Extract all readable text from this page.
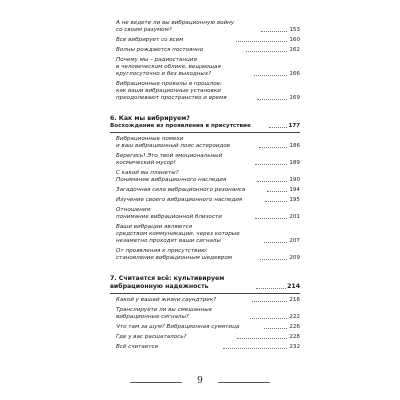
А не ведете ли вы вибрационную войну
со своим разумом?	153
Все вибрирует со всем	160
Волны рождаются постоянно	162
Почему мы – радиостанция
в человеческом облике, вещающая
круглосуточно и без выходных?	166
Вибрационные провалы в прошлое:
как ваши вибрационные установки
преодолевают пространство и время	169
6. Как мы вибрируем?
Восхождение из проявления в присутствие	177
Вибрационные помехи
и ваш вибрационный пояс астероидов	186
Берегись! Это твой эмоциональный
космический мусор!	189
С какой вы планеты?
Понимание вибрационного наследия	190
Загадочная сила вибрационного резонанса	194
Изучение своего вибрационного наследия	195
Отношения:
понимание вибрационной близости	201
Ваши вибрации являются
средством коммуникации, через которые
незаметно проходят ваши сигналы	207
От проявления к присутствию:
становление вибрационным шедевром	209
7. Считается всё: культивируем
вибрационную надежность	214
Какой у вашей жизни саундтрек?	218
Транслируете ли вы смешанные
вибрационные сигналы?	222
Что там за шум? Вибрационная сумятица	226
Где у вас расшаталось?	228
Всё считается	232
9
